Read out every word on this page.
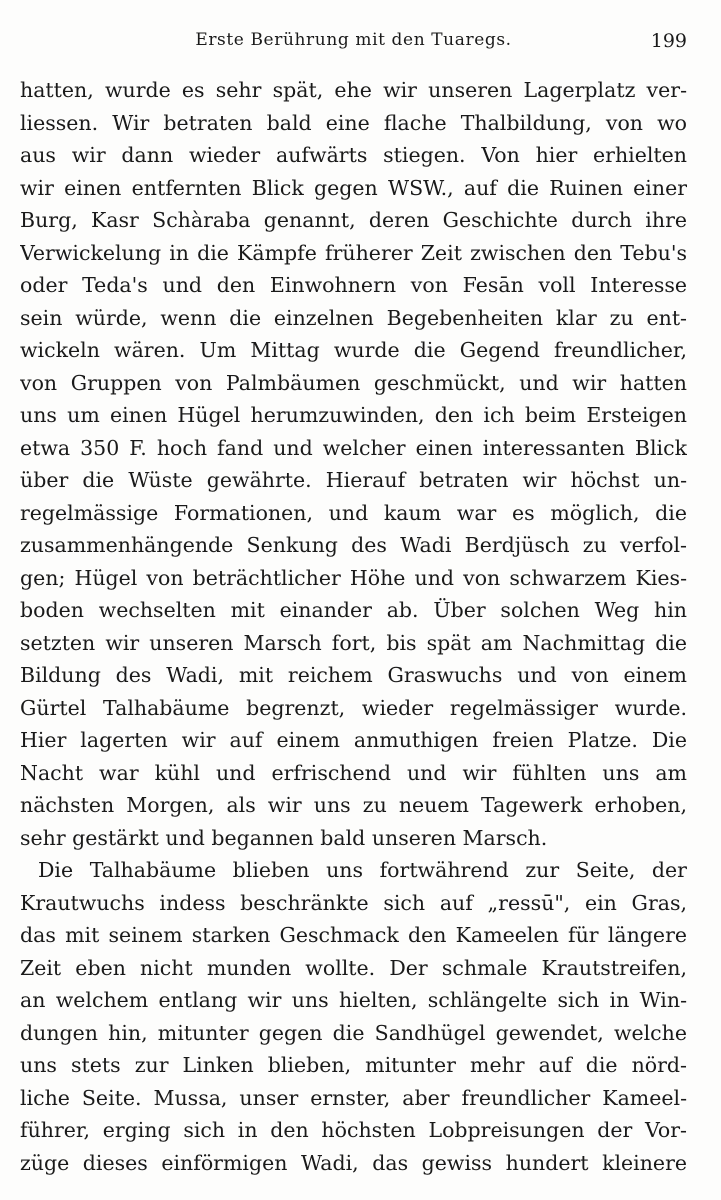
Erste Berührung mit den Tuaregs.	199
hatten, wurde es sehr spät, ehe wir unseren Lagerplatz ver-
liessen. Wir betraten bald eine flache Thalbildung, von wo
aus wir dann wieder aufwärts stiegen. Von hier erhielten
wir einen entfernten Blick gegen WSW., auf die Ruinen einer
Burg, Kasr Schàraba genannt, deren Geschichte durch ihre
Verwickelung in die Kämpfe früherer Zeit zwischen den Tebu's
oder Teda's und den Einwohnern von Fesān voll Interesse
sein würde, wenn die einzelnen Begebenheiten klar zu ent-
wickeln wären. Um Mittag wurde die Gegend freundlicher,
von Gruppen von Palmbäumen geschmückt, und wir hatten
uns um einen Hügel herumzuwinden, den ich beim Ersteigen
etwa 350 F. hoch fand und welcher einen interessanten Blick
über die Wüste gewährte. Hierauf betraten wir höchst un-
regelmässige Formationen, und kaum war es möglich, die
zusammenhängende Senkung des Wadi Berdjüsch zu verfol-
gen; Hügel von beträchtlicher Höhe und von schwarzem Kies-
boden wechselten mit einander ab. Über solchen Weg hin
setzten wir unseren Marsch fort, bis spät am Nachmittag die
Bildung des Wadi, mit reichem Graswuchs und von einem
Gürtel Talhabäume begrenzt, wieder regelmässiger wurde.
Hier lagerten wir auf einem anmuthigen freien Platze. Die
Nacht war kühl und erfrischend und wir fühlten uns am
nächsten Morgen, als wir uns zu neuem Tagewerk erhoben,
sehr gestärkt und begannen bald unseren Marsch.
Die Talhabäume blieben uns fortwährend zur Seite, der
Krautwuchs indess beschränkte sich auf „ressū", ein Gras,
das mit seinem starken Geschmack den Kameelen für längere
Zeit eben nicht munden wollte. Der schmale Krautstreifen,
an welchem entlang wir uns hielten, schlängelte sich in Win-
dungen hin, mitunter gegen die Sandhügel gewendet, welche
uns stets zur Linken blieben, mitunter mehr auf die nörd-
liche Seite. Mussa, unser ernster, aber freundlicher Kameel-
führer, erging sich in den höchsten Lobpreisungen der Vor-
züge dieses einförmigen Wadi, das gewiss hundert kleinere
